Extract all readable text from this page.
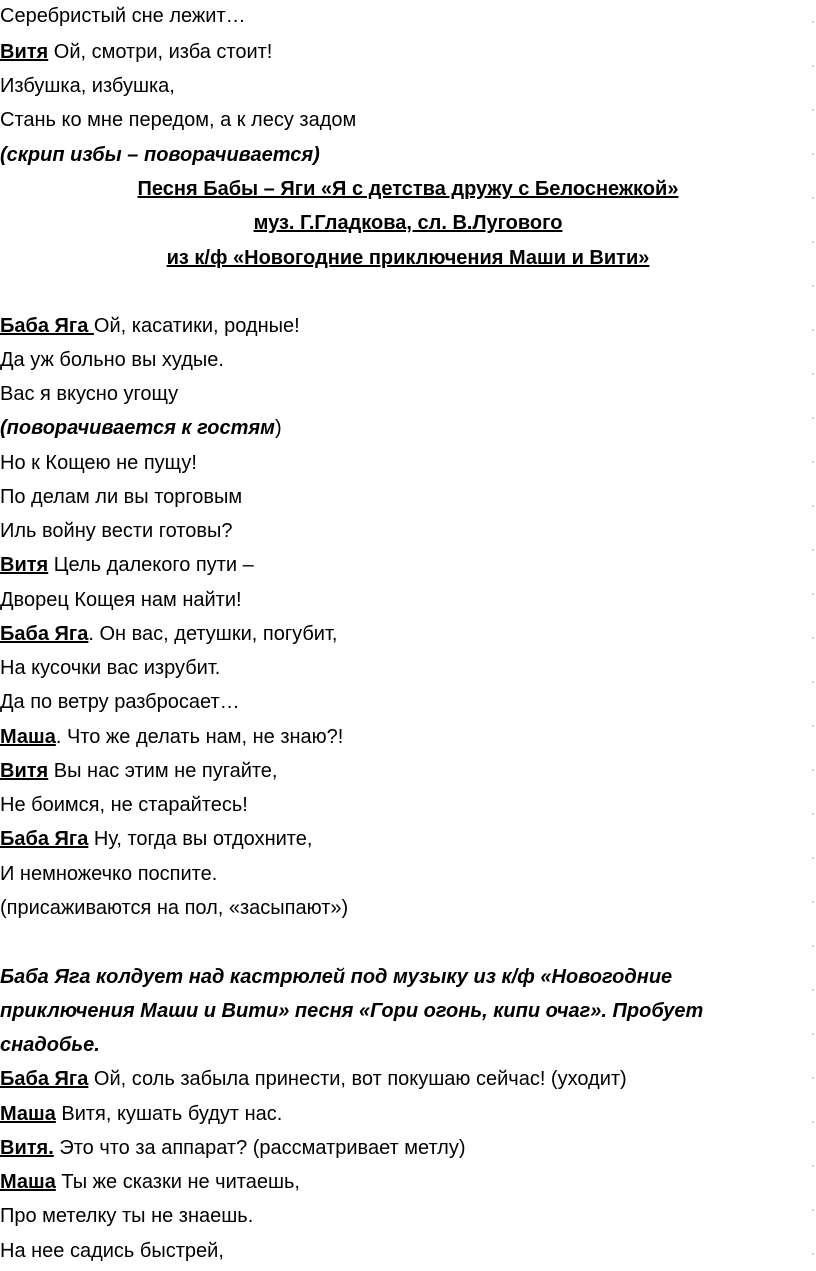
Серебристый сне лежит…
Витя Ой, смотри, изба стоит!
Избушка, избушка,
Стань ко мне передом, а к лесу задом
(скрип избы – поворачивается)
Песня Бабы – Яги «Я с детства дружу с Белоснежкой»
муз. Г.Гладкова, сл. В.Лугового
из к/ф «Новогодние приключения Маши и Вити»
Баба Яга Ой, касатики, родные!
Да уж больно вы худые.
Вас я вкусно угощу
(поворачивается к гостям)
Но к Кощею не пущу!
По делам ли вы торговым
Иль войну вести готовы?
Витя Цель далекого пути –
Дворец Кощея нам найти!
Баба Яга. Он вас, детушки, погубит,
На кусочки вас изрубит.
Да по ветру разбросает…
Маша. Что же делать нам, не знаю?!
Витя Вы нас этим не пугайте,
Не боимся, не старайтесь!
Баба Яга Ну, тогда вы отдохните,
И немножечко поспите.
(присаживаются на пол, «засыпают»)
Баба Яга колдует над кастрюлей под музыку из к/ф «Новогодние
приключения Маши и Вити» песня «Гори огонь, кипи очаг». Пробует
снадобье.
Баба Яга Ой, соль забыла принести, вот покушаю сейчас! (уходит)
Маша Витя, кушать будут нас.
Витя. Это что за аппарат? (рассматривает метлу)
Маша Ты же сказки не читаешь,
Про метелку ты не знаешь.
На нее садись быстрей,
